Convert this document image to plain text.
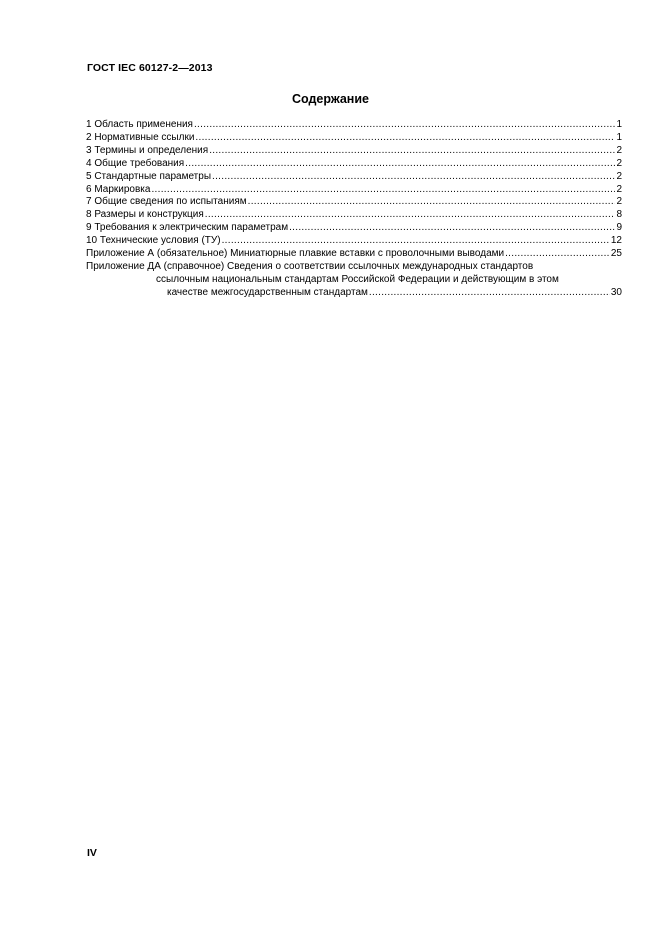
ГОСТ IEC 60127-2—2013
Содержание
1 Область применения .....	1
2 Нормативные ссылки .....	1
3 Термины и определения .....	2
4 Общие требования .....	2
5 Стандартные параметры .....	2
6 Маркировка .....	2
7 Общие сведения по испытаниям .....	2
8 Размеры и конструкция .....	8
9 Требования к электрическим параметрам .....	9
10 Технические условия (ТУ) .....	12
Приложение А (обязательное) Миниатюрные плавкие вставки с проволочными выводами .....	25
Приложение ДА (справочное) Сведения о соответствии ссылочных международных стандартов
ссылочным национальным стандартам Российской Федерации и действующим в этом
качестве межгосударственным стандартам .....	30
IV
